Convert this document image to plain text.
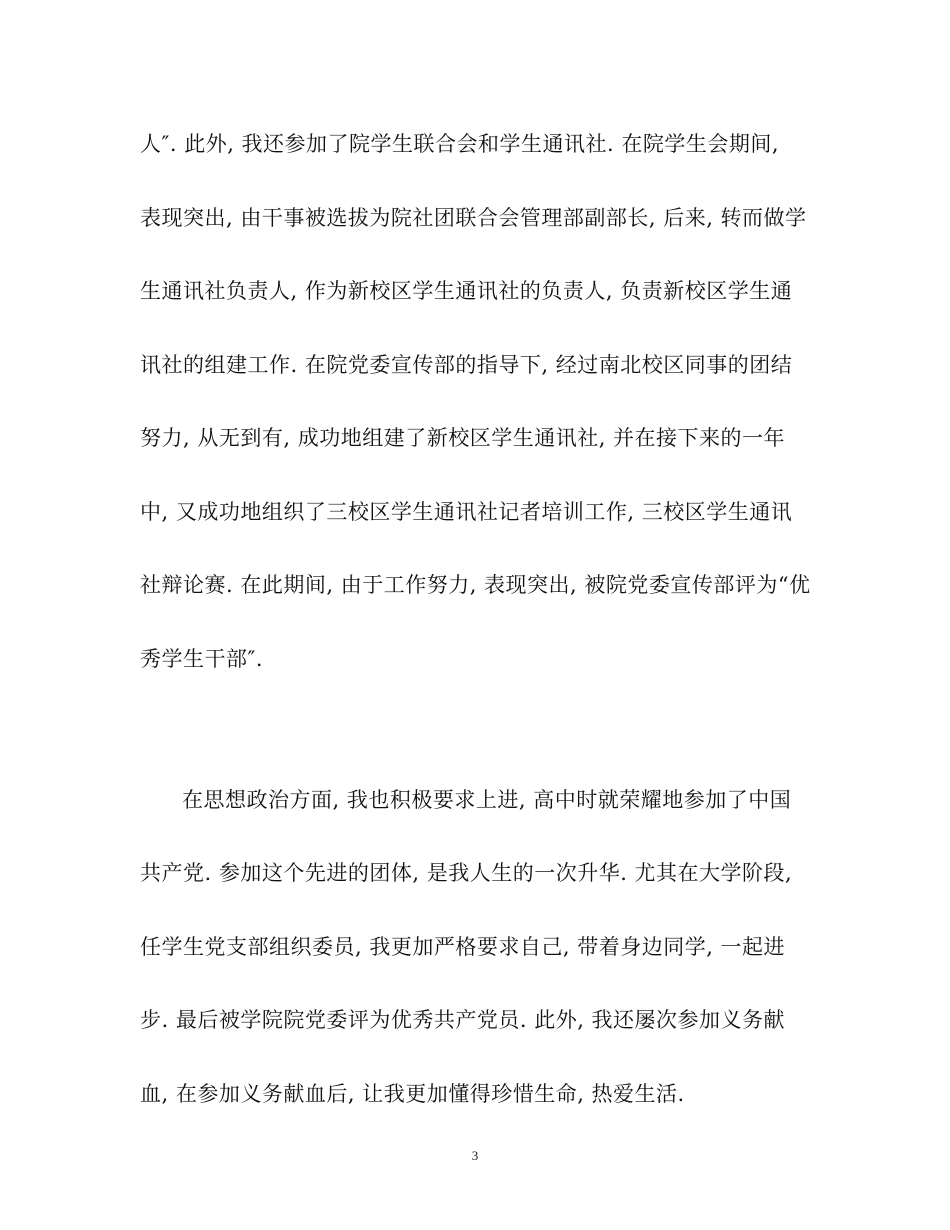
人″. 此外, 我还参加了院学生联合会和学生通讯社. 在院学生会期间,
表现突出, 由干事被选拔为院社团联合会管理部副部长, 后来, 转而做学
生通讯社负责人, 作为新校区学生通讯社的负责人, 负责新校区学生通
讯社的组建工作. 在院党委宣传部的指导下, 经过南北校区同事的团结
努力, 从无到有, 成功地组建了新校区学生通讯社, 并在接下来的一年
中, 又成功地组织了三校区学生通讯社记者培训工作, 三校区学生通讯
社辩论赛. 在此期间, 由于工作努力, 表现突出, 被院党委宣传部评为“优
秀学生干部″.
在思想政治方面, 我也积极要求上进, 高中时就荣耀地参加了中国
共产党. 参加这个先进的团体, 是我人生的一次升华. 尤其在大学阶段,
任学生党支部组织委员, 我更加严格要求自己, 带着身边同学, 一起进
步. 最后被学院院党委评为优秀共产党员. 此外, 我还屡次参加义务献
血, 在参加义务献血后, 让我更加懂得珍惜生命, 热爱生活.
3
